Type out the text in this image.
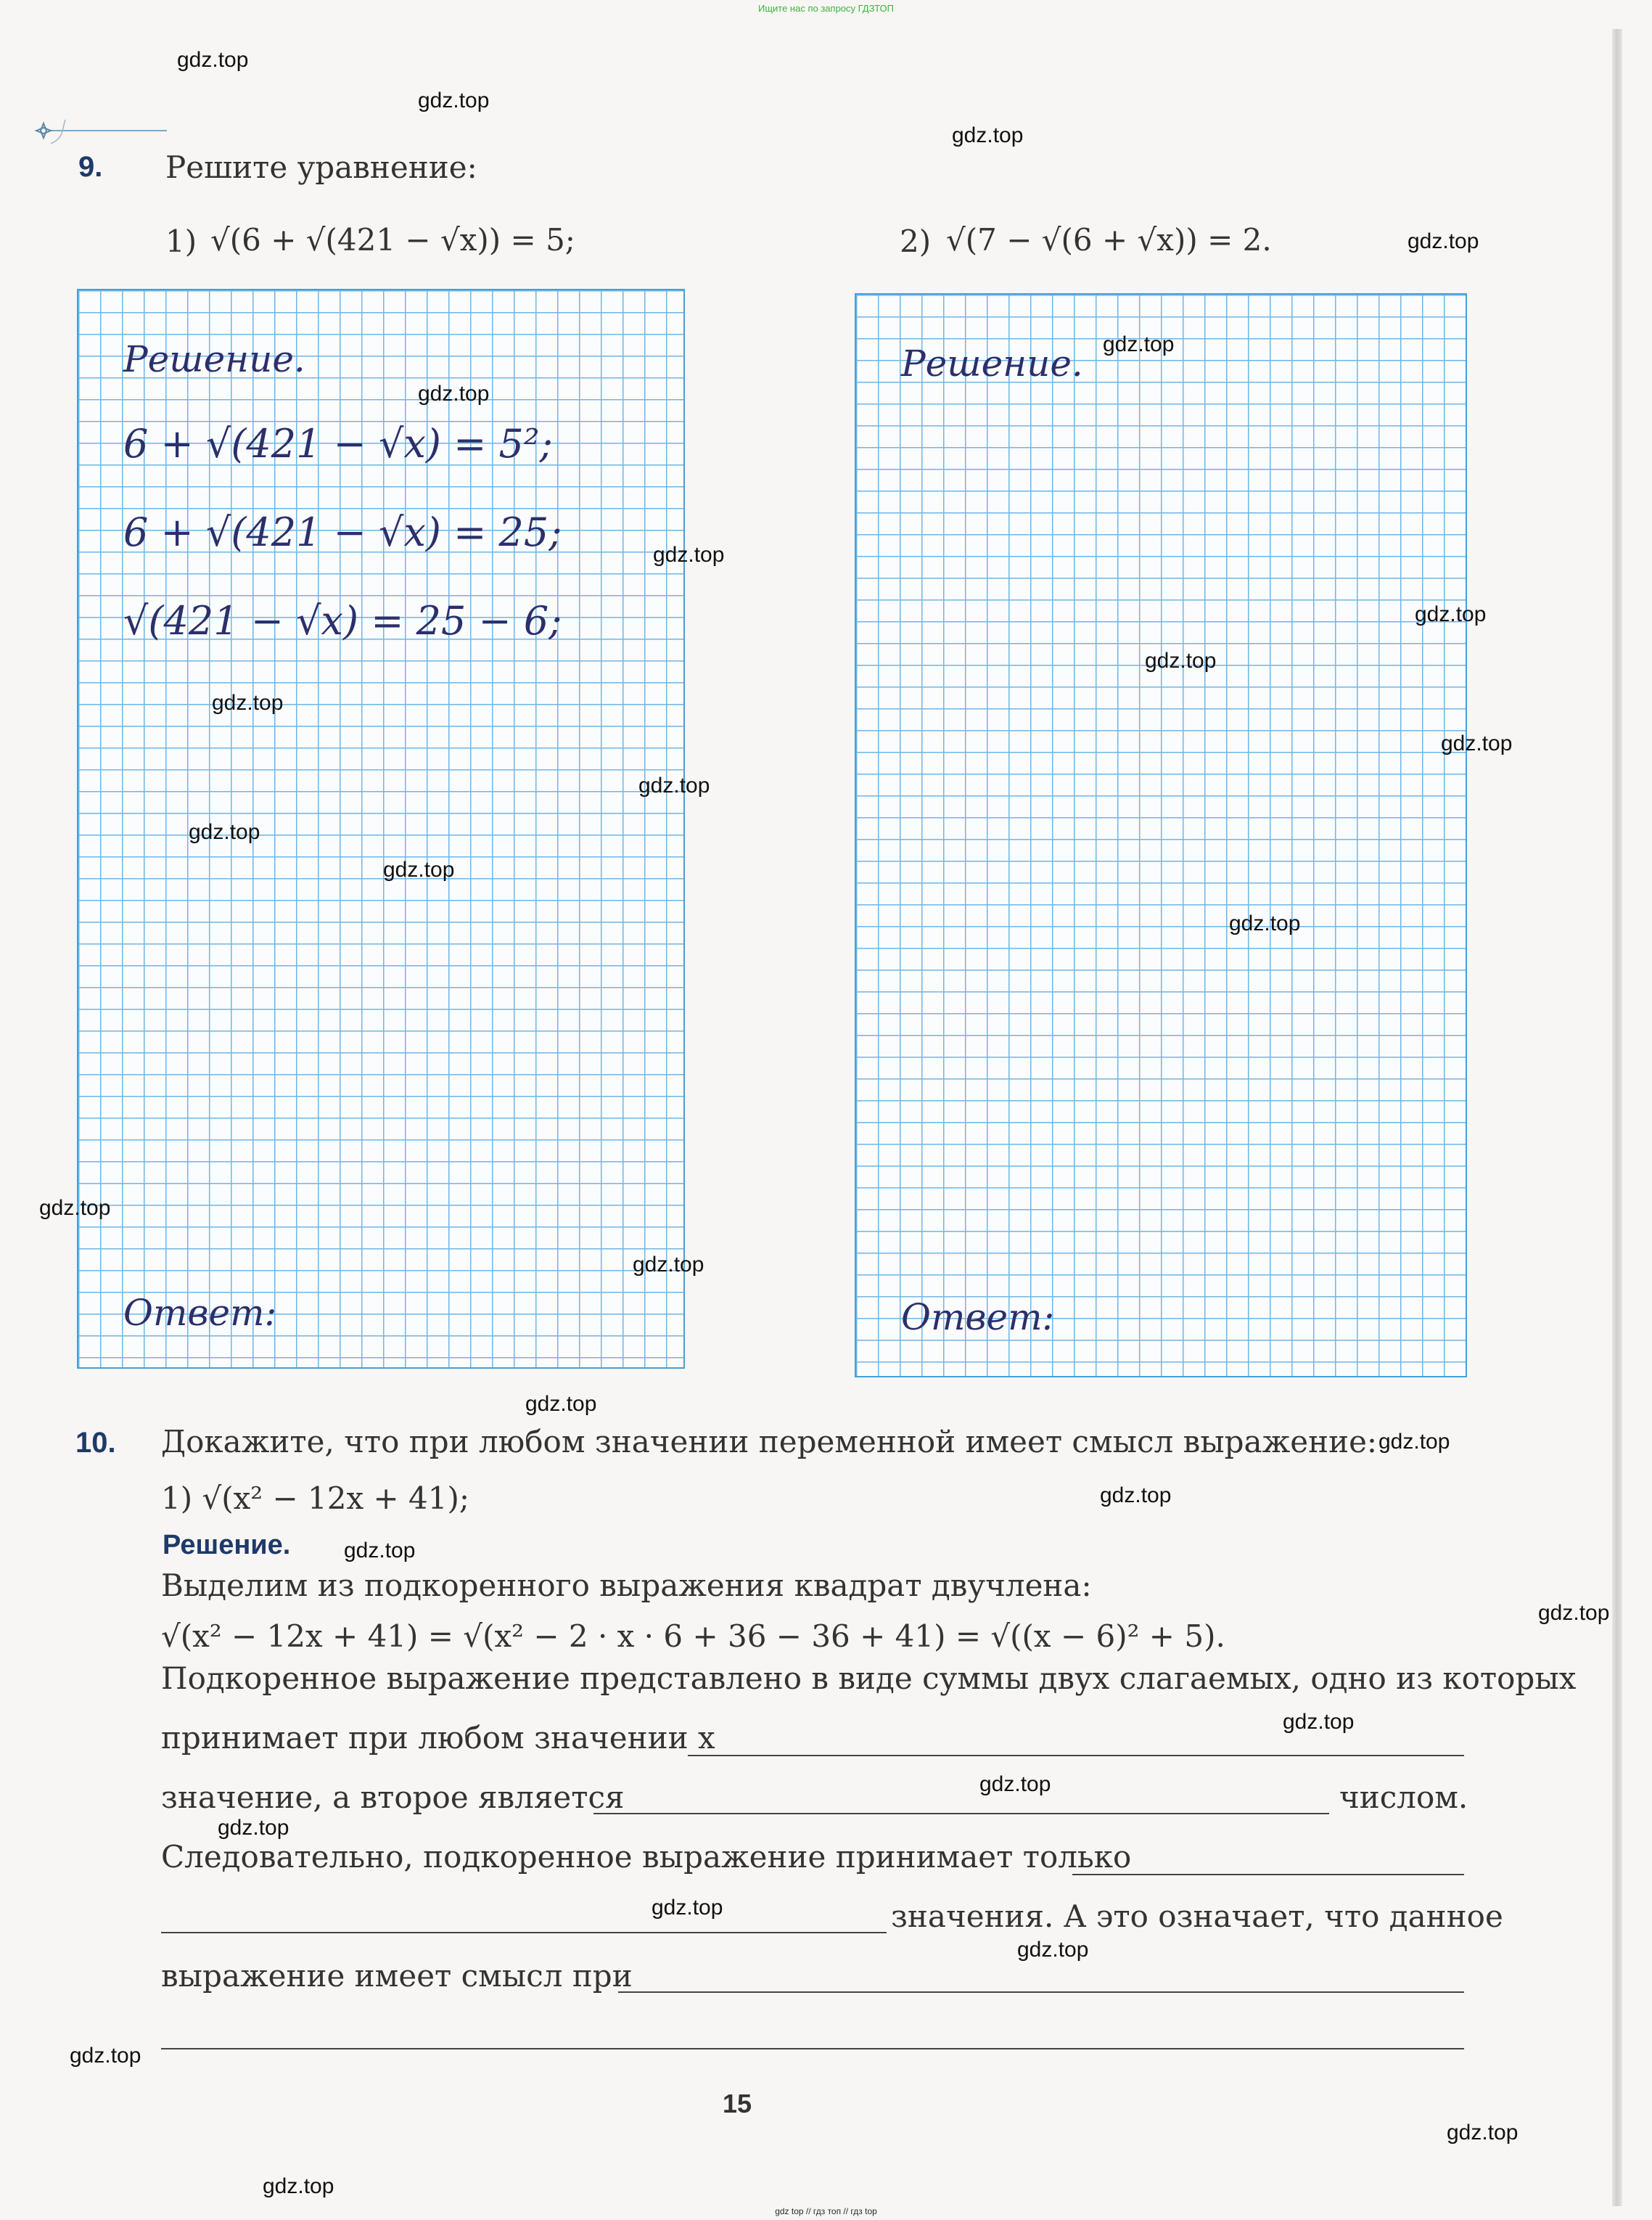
Ищите нас по запросу ГДЗТОП
9. Решите уравнение:
1) √(6 + √(421 − √x)) = 5;	2) √(7 − √(6 + √x)) = 2.
Решение.
6 + √(421 − √x) = 5²;
6 + √(421 − √x) = 25;
√(421 − √x) = 25 − 6;
Ответ:
Решение.
Ответ:
10. Докажите, что при любом значении переменной имеет смысл выражение:
1) √(x² − 12x + 41);
Решение.
Выделим из подкоренного выражения квадрат двучлена:
√(x² − 12x + 41) = √(x² − 2 · x · 6 + 36 − 36 + 41) = √((x − 6)² + 5).
Подкоренное выражение представлено в виде суммы двух слагаемых, одно из которых
принимает при любом значении x
значение, а второе является	числом.
Следовательно, подкоренное выражение принимает только
значения. А это означает, что данное
выражение имеет смысл при
15
gdz.top
gdz.top
gdz.top
gdz.top
gdz.top
gdz.top
gdz.top
gdz.top
gdz.top
gdz.top
gdz.top
gdz.top
gdz.top
gdz.top
gdz.top
gdz.top
gdz.top
gdz.top
gdz.top
gdz.top
gdz.top
gdz.top
gdz.top
gdz.top
gdz.top
gdz.top
gdz.top
gdz.top
gdz.top
gdz.top
gdz top // гдз топ // гдз top
